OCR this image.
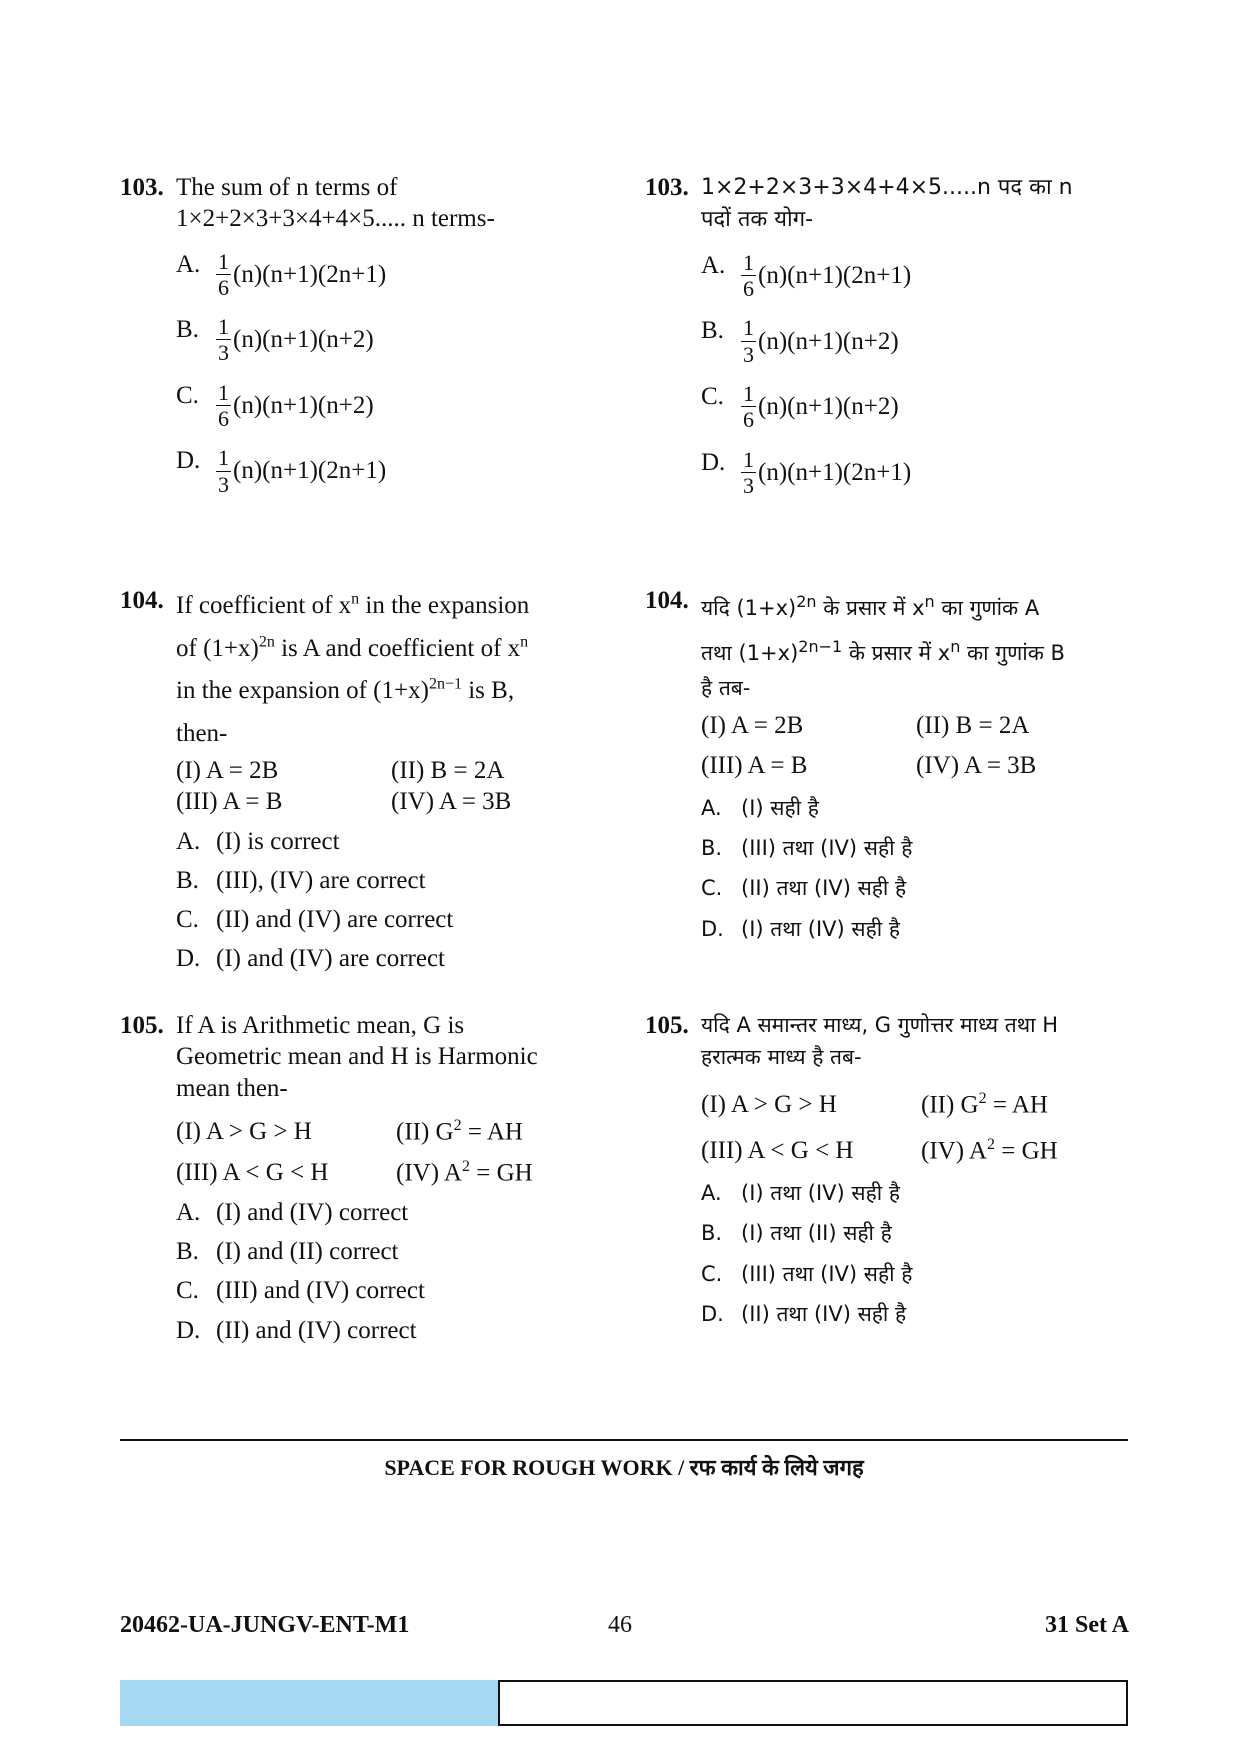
103. The sum of n terms of
1×2+2×3+3×4+4×5..... n terms-
A. $\frac{1}{6} (n)(n+1)(2n+1)$
B. $\frac{1}{3} (n)(n+1)(n+2)$
C. $\frac{1}{6} (n)(n+1)(n+2)$
D. $\frac{1}{3} (n)(n+1)(2n+1)$
104. If coefficient of $x^n$ in the expansion
of $(1+x)^{2n}$ is A and coefficient of $x^n$
in the expansion of $(1+x)^{2n-1}$ is B,
then-
(I) A = 2B	(II) B = 2A
(III) A = B	(IV) A = 3B
A. (I) is correct
B. (III), (IV) are correct
C. (II) and (IV) are correct
D. (I) and (IV) are correct
105. If A is Arithmetic mean, G is
Geometric mean and H is Harmonic
mean then-
(I) A > G > H	(II) $G^2$ = AH
(III) A < G < H	(IV) $A^2$ = GH
A. (I) and (IV) correct
B. (I) and (II) correct
C. (III) and (IV) correct
D. (II) and (IV) correct
103. 1×2+2×3+3×4+4×5.....n पद का n
पदों तक योग-
A. $\frac{1}{6} (n)(n+1)(2n+1)$
B. $\frac{1}{3} (n)(n+1)(n+2)$
C. $\frac{1}{6} (n)(n+1)(n+2)$
D. $\frac{1}{3} (n)(n+1)(2n+1)$
104. यदि $(1+x)^{2n}$ के प्रसार में $x^n$ का गुणांक A
तथा $(1+x)^{2n-1}$ के प्रसार में $x^n$ का गुणांक B
है तब-
(I) A = 2B	(II) B = 2A
(III) A = B	(IV) A = 3B
A. (I) सही है
B. (III) तथा (IV) सही है
C. (II) तथा (IV) सही है
D. (I) तथा (IV) सही है
105. यदि A समान्तर माध्य, G गुणोत्तर माध्य तथा H
हरात्मक माध्य है तब-
(I) A > G > H	(II) $G^2$ = AH
(III) A < G < H	(IV) $A^2$ = GH
A. (I) तथा (IV) सही है
B. (I) तथा (II) सही है
C. (III) तथा (IV) सही है
D. (II) तथा (IV) सही है
SPACE FOR ROUGH WORK / रफ कार्य के लिये जगह
20462-UA-JUNGV-ENT-M1	46	31 Set A
